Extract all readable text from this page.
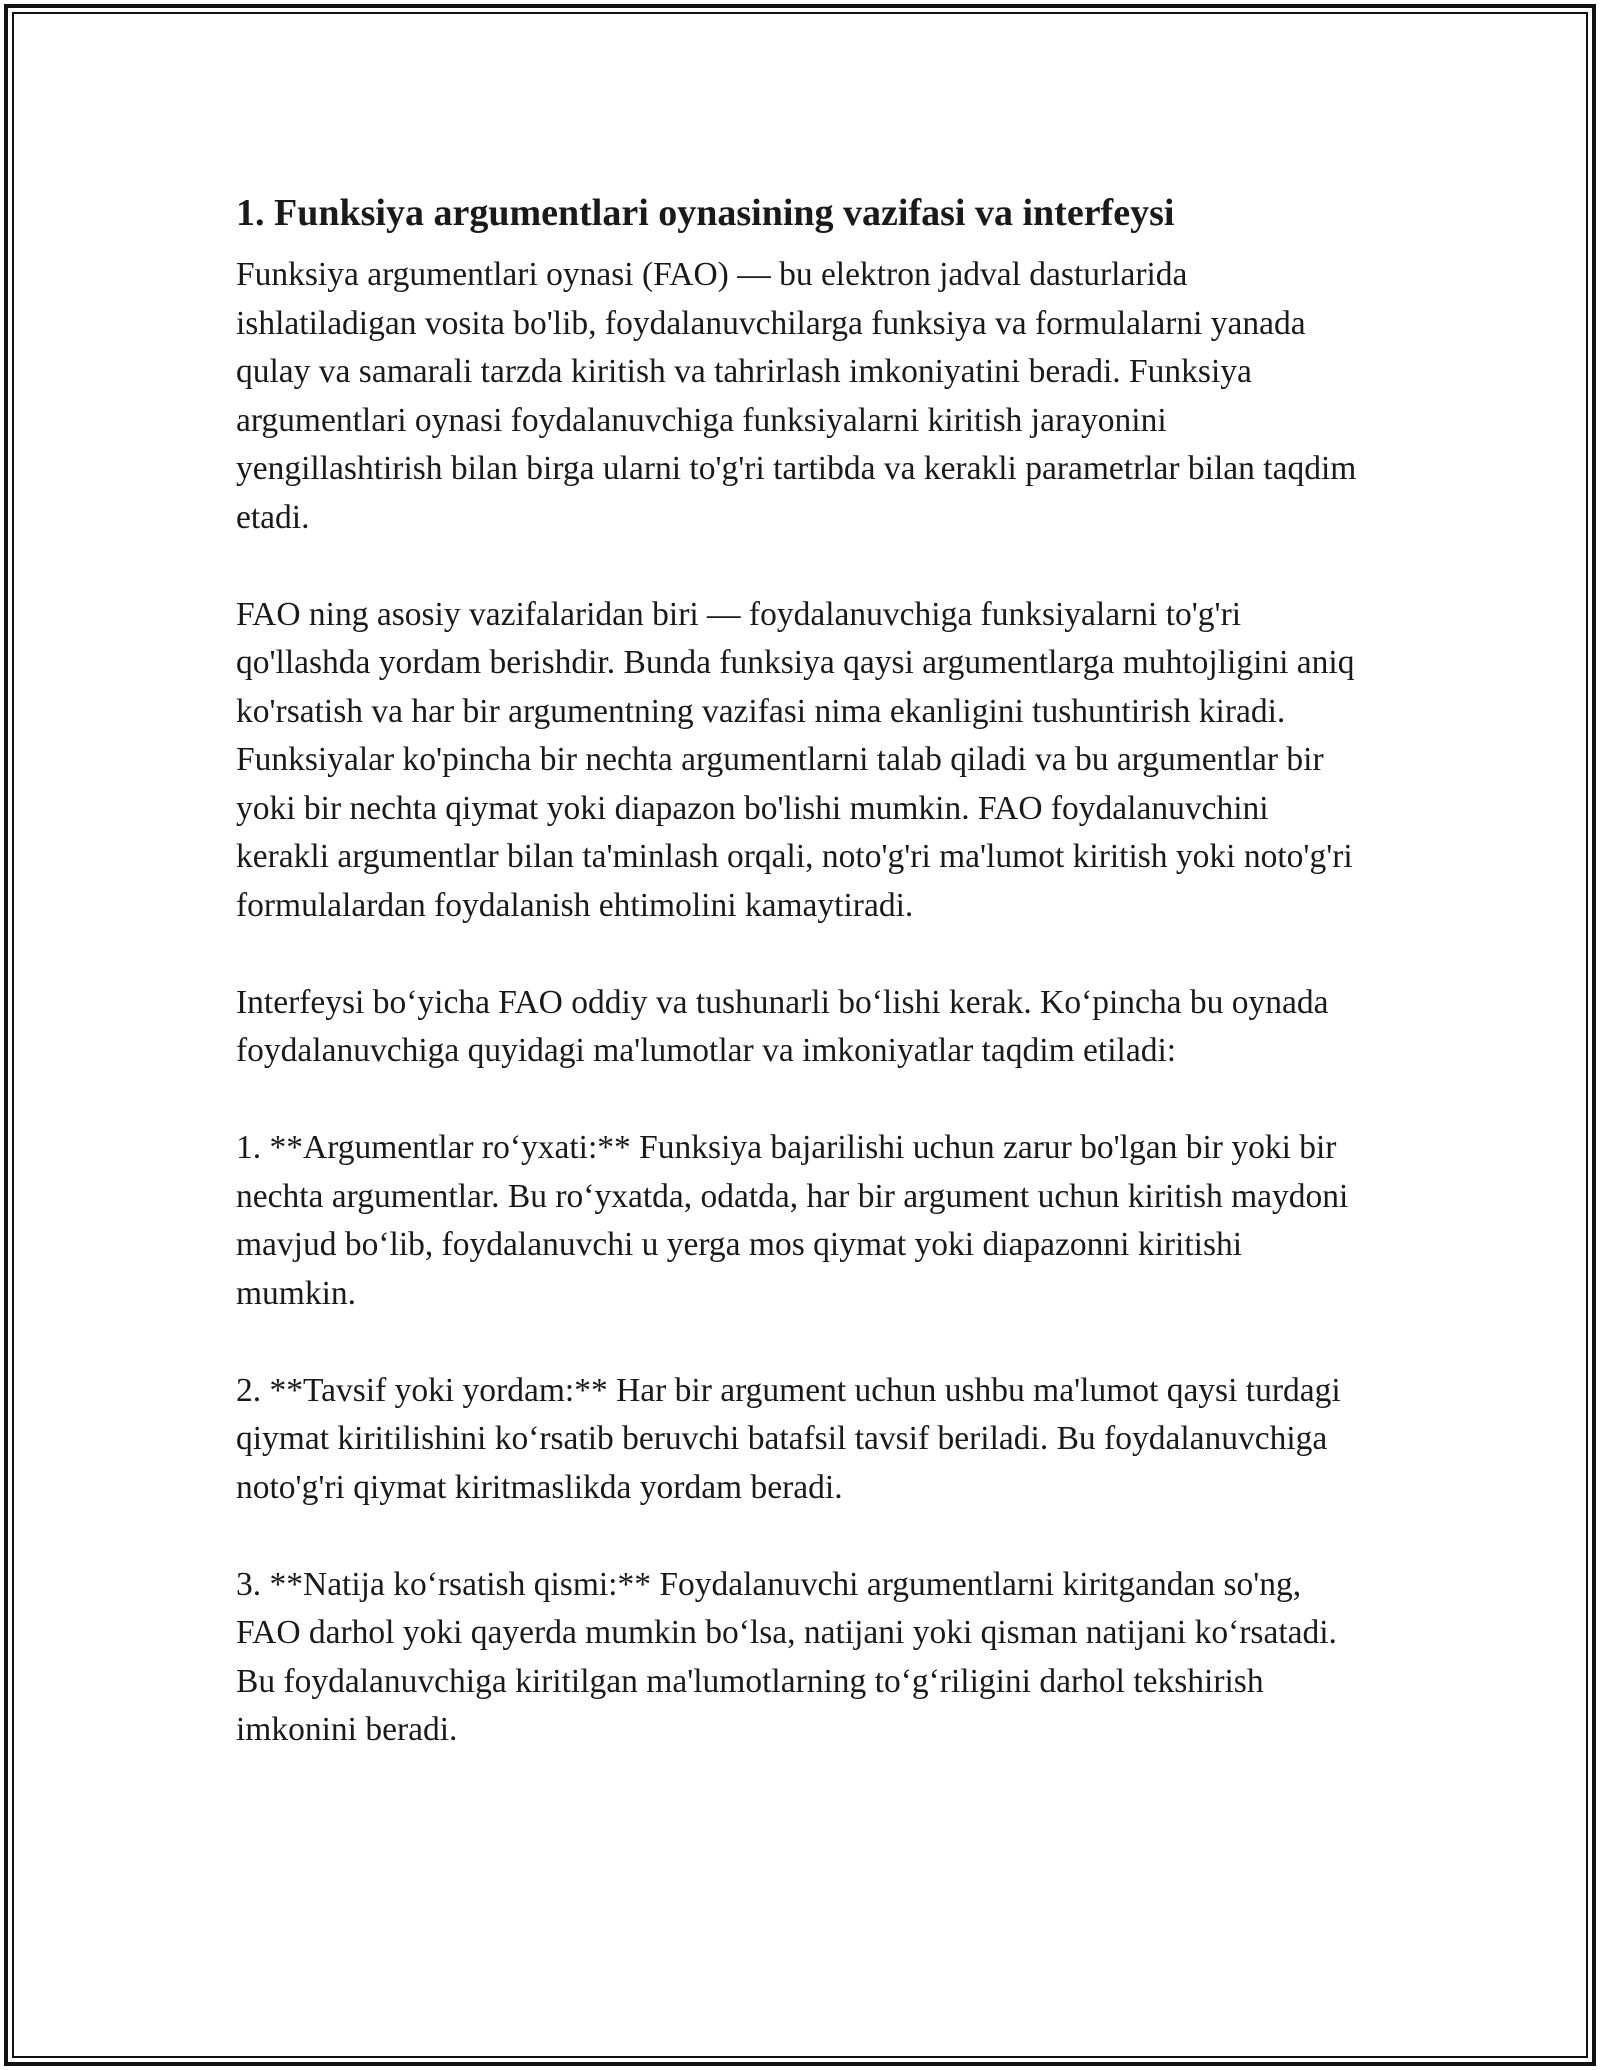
1. Funksiya argumentlari oynasining vazifasi va interfeysi

Funksiya argumentlari oynasi (FAO) — bu elektron jadval dasturlarida ishlatiladigan vosita bo'lib, foydalanuvchilarga funksiya va formulalarni yanada qulay va samarali tarzda kiritish va tahrirlash imkoniyatini beradi. Funksiya argumentlari oynasi foydalanuvchiga funksiyalarni kiritish jarayonini yengillashtirish bilan birga ularni to'g'ri tartibda va kerakli parametrlar bilan taqdim etadi.

FAO ning asosiy vazifalaridan biri — foydalanuvchiga funksiyalarni to'g'ri qo'llashda yordam berishdir. Bunda funksiya qaysi argumentlarga muhtojligini aniq ko'rsatish va har bir argumentning vazifasi nima ekanligini tushuntirish kiradi. Funksiyalar ko'pincha bir nechta argumentlarni talab qiladi va bu argumentlar bir yoki bir nechta qiymat yoki diapazon bo'lishi mumkin. FAO foydalanuvchini kerakli argumentlar bilan ta'minlash orqali, noto'g'ri ma'lumot kiritish yoki noto'g'ri formulalardan foydalanish ehtimolini kamaytiradi.

Interfeysi bo‘yicha FAO oddiy va tushunarli bo‘lishi kerak. Ko‘pincha bu oynada foydalanuvchiga quyidagi ma'lumotlar va imkoniyatlar taqdim etiladi:

1. **Argumentlar ro‘yxati:** Funksiya bajarilishi uchun zarur bo'lgan bir yoki bir nechta argumentlar. Bu ro‘yxatda, odatda, har bir argument uchun kiritish maydoni mavjud bo‘lib, foydalanuvchi u yerga mos qiymat yoki diapazonni kiritishi mumkin.

2. **Tavsif yoki yordam:** Har bir argument uchun ushbu ma'lumot qaysi turdagi qiymat kiritilishini ko‘rsatib beruvchi batafsil tavsif beriladi. Bu foydalanuvchiga noto'g'ri qiymat kiritmaslikda yordam beradi.

3. **Natija ko‘rsatish qismi:** Foydalanuvchi argumentlarni kiritgandan so'ng, FAO darhol yoki qayerda mumkin bo‘lsa, natijani yoki qisman natijani ko‘rsatadi. Bu foydalanuvchiga kiritilgan ma'lumotlarning to‘g‘riligini darhol tekshirish imkonini beradi.
